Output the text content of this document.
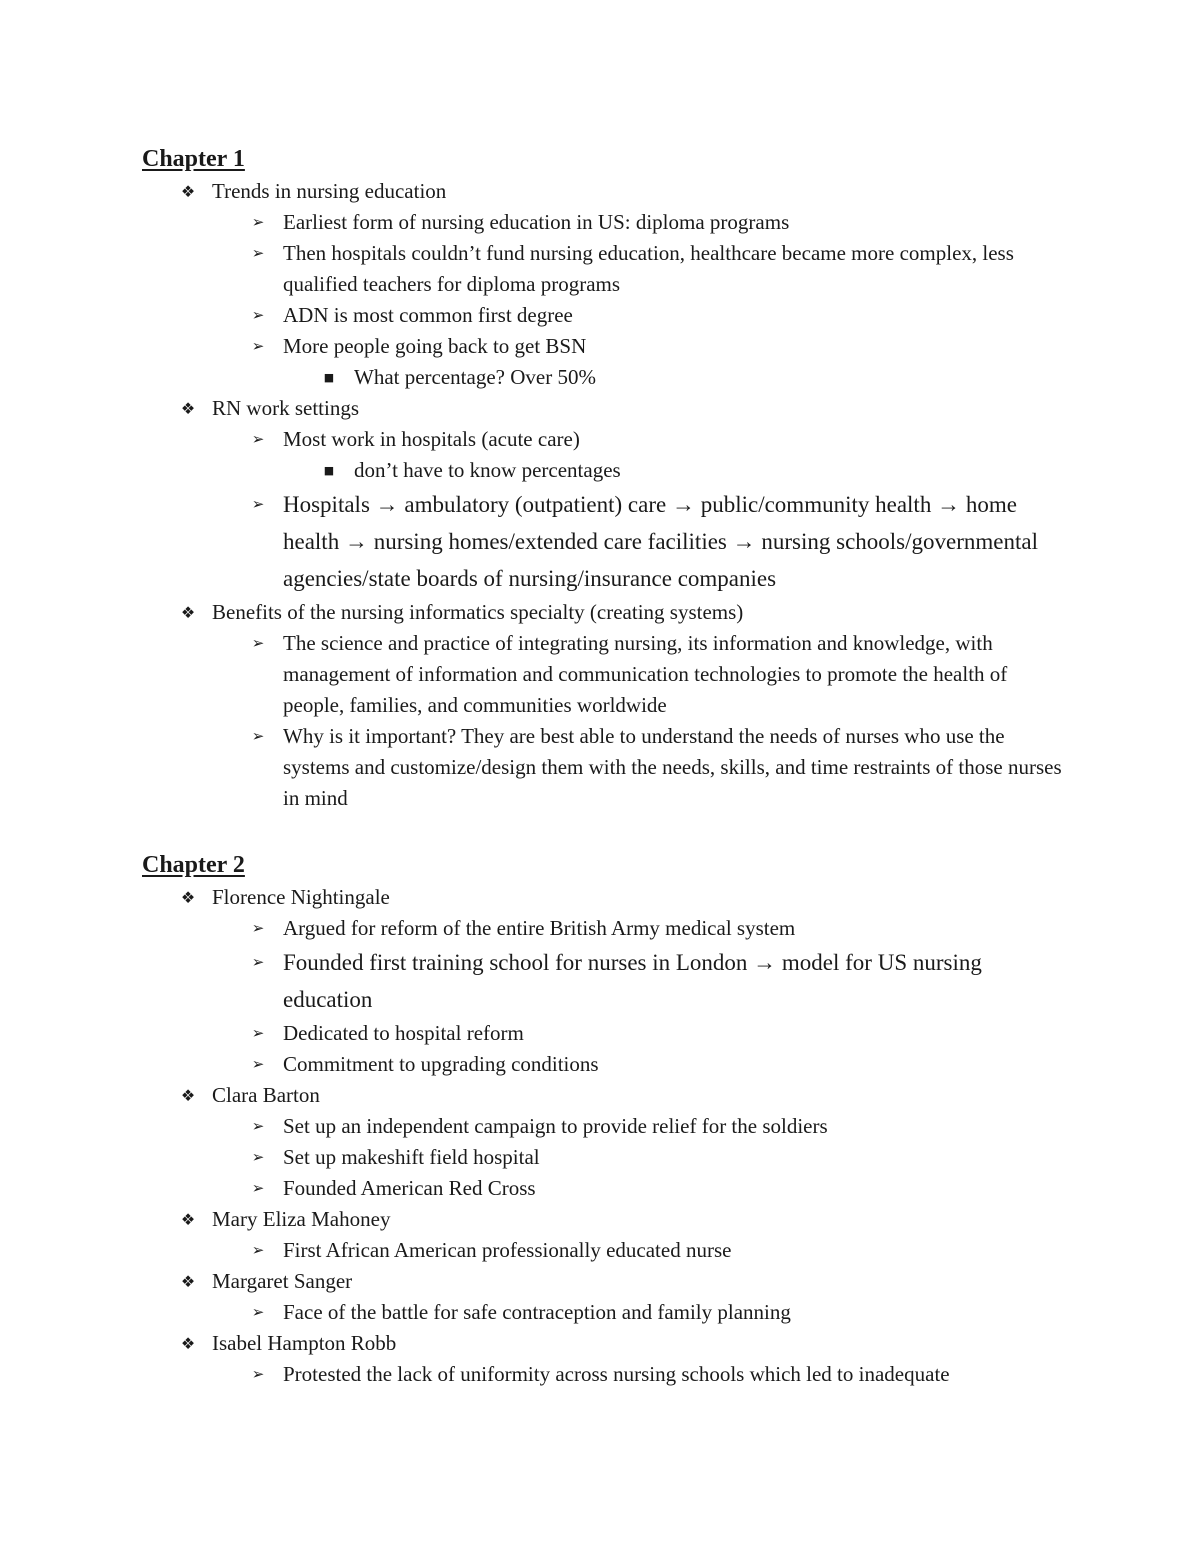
Chapter 1
❖ Trends in nursing education
➢ Earliest form of nursing education in US: diploma programs
➢ Then hospitals couldn’t fund nursing education, healthcare became more complex, less qualified teachers for diploma programs
➢ ADN is most common first degree
➢ More people going back to get BSN
■ What percentage? Over 50%
❖ RN work settings
➢ Most work in hospitals (acute care)
■ don’t have to know percentages
➢ Hospitals → ambulatory (outpatient) care → public/community health → home health → nursing homes/extended care facilities → nursing schools/governmental agencies/state boards of nursing/insurance companies
❖ Benefits of the nursing informatics specialty (creating systems)
➢ The science and practice of integrating nursing, its information and knowledge, with management of information and communication technologies to promote the health of people, families, and communities worldwide
➢ Why is it important? They are best able to understand the needs of nurses who use the systems and customize/design them with the needs, skills, and time restraints of those nurses in mind
Chapter 2
❖ Florence Nightingale
➢ Argued for reform of the entire British Army medical system
➢ Founded first training school for nurses in London → model for US nursing education
➢ Dedicated to hospital reform
➢ Commitment to upgrading conditions
❖ Clara Barton
➢ Set up an independent campaign to provide relief for the soldiers
➢ Set up makeshift field hospital
➢ Founded American Red Cross
❖ Mary Eliza Mahoney
➢ First African American professionally educated nurse
❖ Margaret Sanger
➢ Face of the battle for safe contraception and family planning
❖ Isabel Hampton Robb
➢ Protested the lack of uniformity across nursing schools which led to inadequate
